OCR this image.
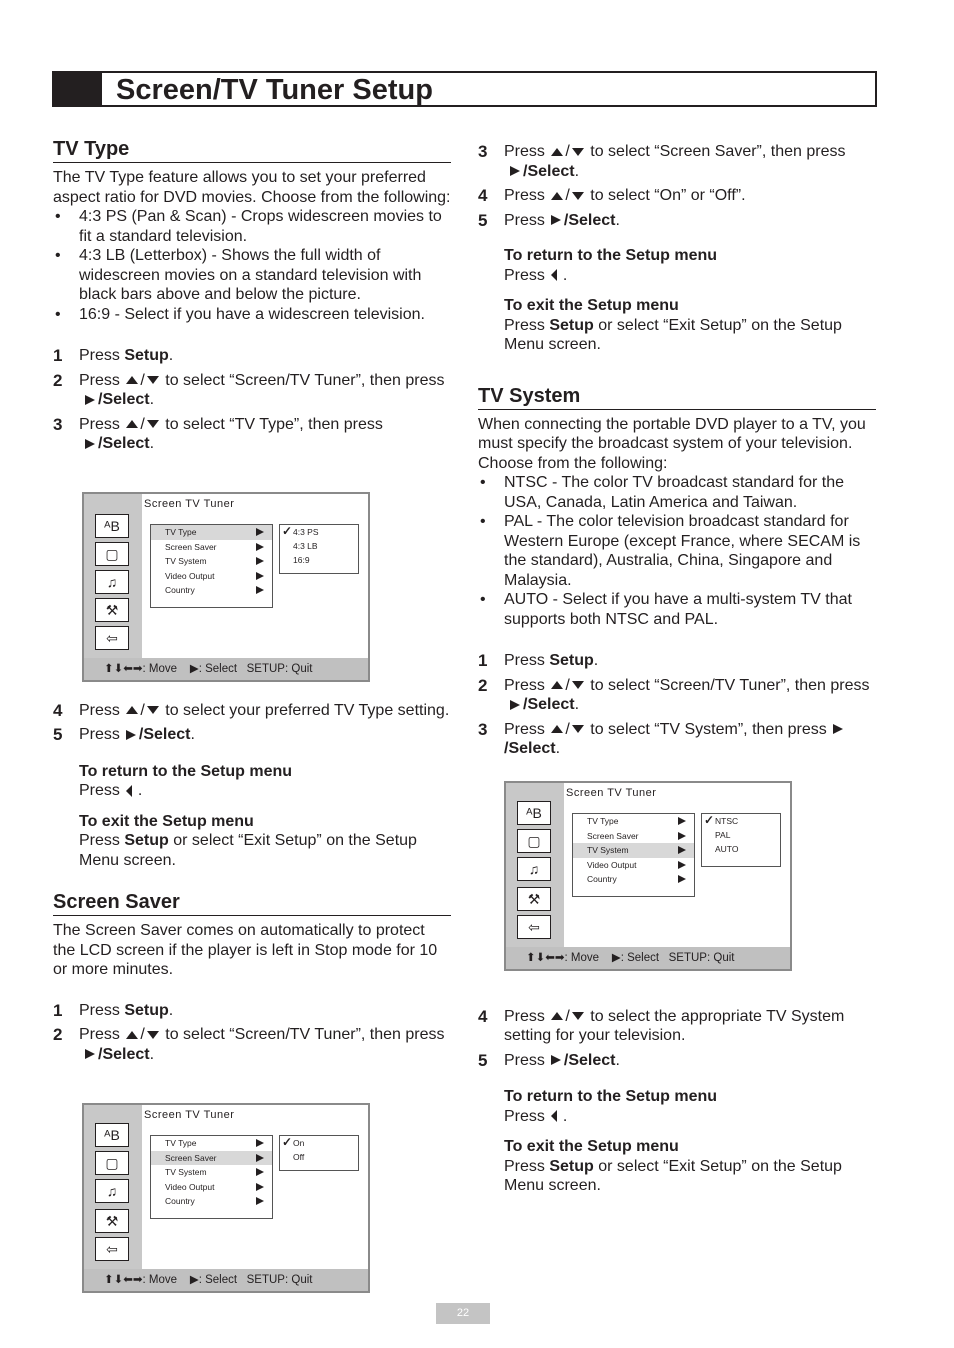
Screen/TV Tuner Setup
TV Type

The TV Type feature allows you to set your preferred aspect ratio for DVD movies. Choose from the following:

• 4:3 PS (Pan & Scan) - Crops widescreen movies to fit a standard television.
• 4:3 LB (Letterbox) - Shows the full width of widescreen movies on a standard television with black bars above and below the picture.
• 16:9 - Select if you have a widescreen television.
1 Press Setup.
2 Press / to select “Screen/TV Tuner”, then press/Select.
3 Press / to select “TV Type”, then press
/Select.
4 Press / to select your preferred TV Type setting.
5 Press /Select.

To return to the Setup menu

Press .

To exit the Setup menu

Press Setup or select “Exit Setup” on the Setup Menu screen.

Screen Saver

The Screen Saver comes on automatically to protect the LCD screen if the player is left in Stop mode for 10 or more minutes.

1 Press Setup.
2 Press / to select “Screen/TV Tuner”, then press/Select.
3 Press / to select “Screen Saver”, then press
/Select.
4 Press / to select “On” or “Off”.
5 Press /Select.

To return to the Setup menu

Press .

To exit the Setup menu

Press Setup or select “Exit Setup” on the Setup Menu screen.

TV System

When connecting the portable DVD player to a TV, you must specify the broadcast system of your television. Choose from the following:

• NTSC - The color TV broadcast standard for the USA, Canada, Latin America and Taiwan.
• PAL - The color television broadcast standard for Western Europe (except France, where SECAM is the standard), Australia, China, Singapore and Malaysia.
• AUTO - Select if you have a multi-system TV that supports both NTSC and PAL.
1 Press Setup.
2 Press / to select “Screen/TV Tuner”, then press/Select.
3 Press / to select “TV System”, then press
/Select.
4 Press / to select the appropriate TV System setting for your television.
5 Press /Select.

To return to the Setup menu

Press .

To exit the Setup menu

Press Setup or select “Exit Setup” on the Setup Menu screen.

ᴬB
▢
♫
⚒
⇦
Screen TV Tuner
TV Type
Screen Saver
TV System
Video Output
Country
✓ 4:3 PS
4:3 LB
16:9
⬆⬇⬅➡: Move    ▶: Select SETUP: Quit
ᴬB
▢
♫
⚒
⇦
Screen TV Tuner
TV Type
Screen Saver
TV System
Video Output
Country
✓ On
Off
⬆⬇⬅➡: Move    ▶: Select SETUP: Quit
ᴬB
▢
♫
⚒
⇦
Screen TV Tuner
TV Type
Screen Saver
TV System
Video Output
Country
✓ NTSC
PAL
AUTO
⬆⬇⬅➡: Move    ▶: Select SETUP: Quit
22
